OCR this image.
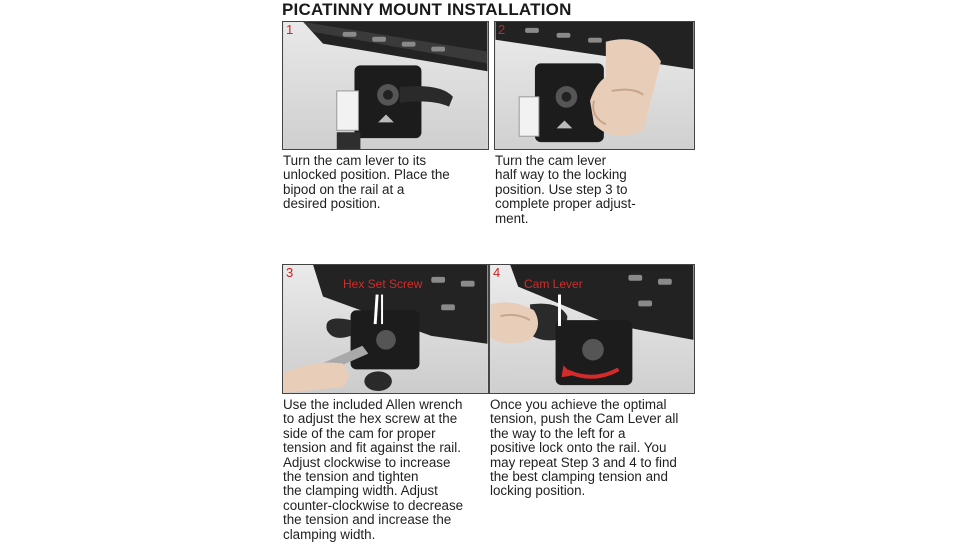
PICATINNY MOUNT INSTALLATION
1	2
3
Hex Set Screw
4
Cam Lever

Turn the cam lever to its
unlocked position. Place the
bipod on the rail at a
desired position.

Turn the cam lever
half way to the locking
position. Use step 3 to
complete proper adjust-
ment.

Use the included Allen wrench
to adjust the hex screw at the
side of the cam for proper
tension and fit against the rail.
Adjust clockwise to increase
the tension and tighten
the clamping width. Adjust
counter-clockwise to decrease
the tension and increase the
clamping width.

Once you achieve the optimal
tension, push the Cam Lever all
the way to the left for a
positive lock onto the rail. You
may repeat Step 3 and 4 to find
the best clamping tension and
locking position.
